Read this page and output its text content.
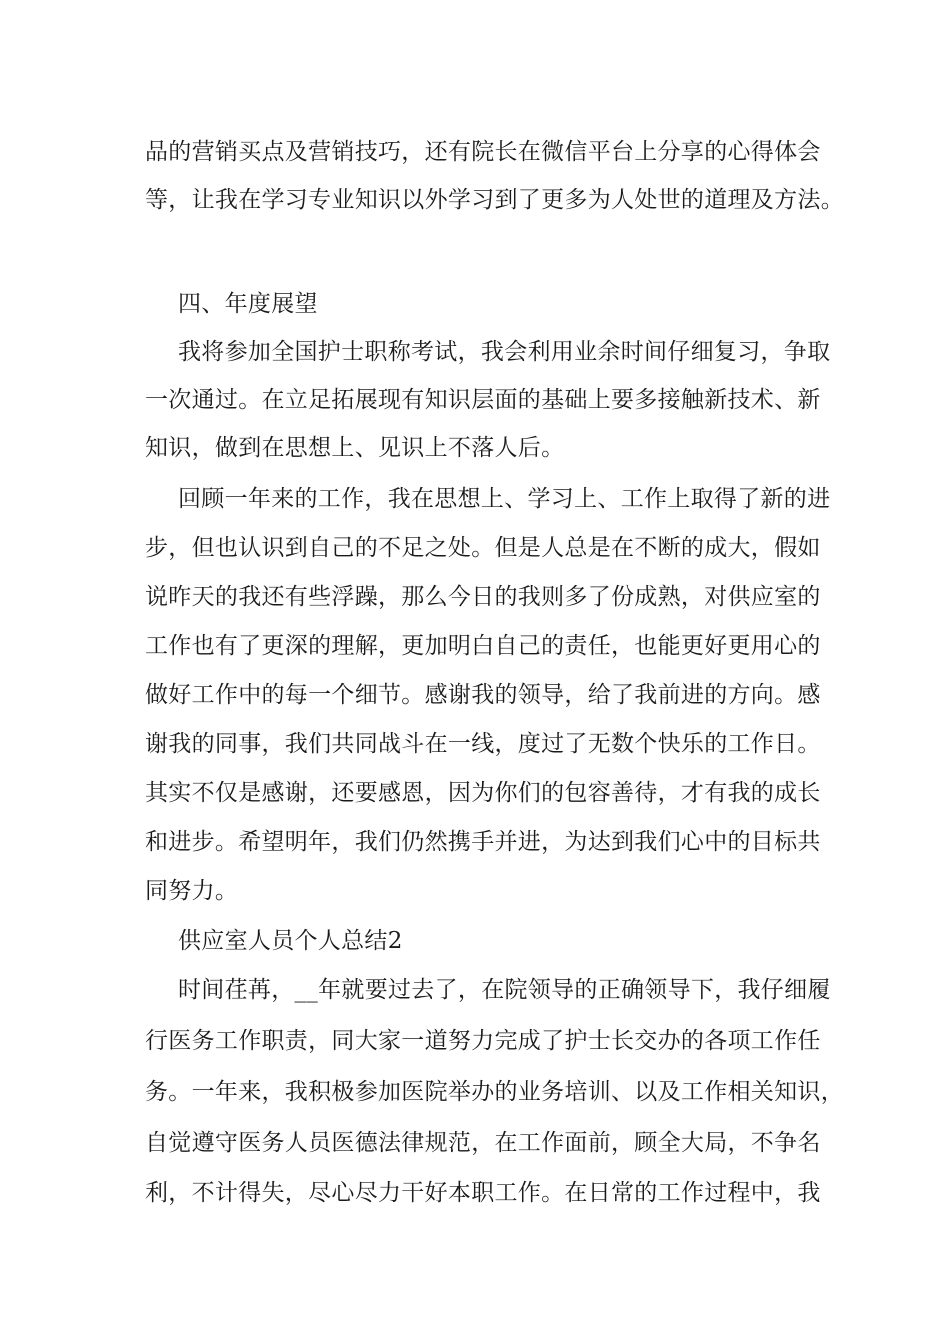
品的营销买点及营销技巧，还有院长在微信平台上分享的心得体会
等，让我在学习专业知识以外学习到了更多为人处世的道理及方法。
四、年度展望
我将参加全国护士职称考试，我会利用业余时间仔细复习，争取
一次通过。在立足拓展现有知识层面的基础上要多接触新技术、新
知识，做到在思想上、见识上不落人后。
回顾一年来的工作，我在思想上、学习上、工作上取得了新的进
步，但也认识到自己的不足之处。但是人总是在不断的成大，假如
说昨天的我还有些浮躁，那么今日的我则多了份成熟，对供应室的
工作也有了更深的理解，更加明白自己的责任，也能更好更用心的
做好工作中的每一个细节。感谢我的领导，给了我前进的方向。感
谢我的同事，我们共同战斗在一线，度过了无数个快乐的工作日。
其实不仅是感谢，还要感恩，因为你们的包容善待，才有我的成长
和进步。希望明年，我们仍然携手并进，为达到我们心中的目标共
同努力。
供应室人员个人总结2
时间荏苒，__年就要过去了，在院领导的正确领导下，我仔细履
行医务工作职责，同大家一道努力完成了护士长交办的各项工作任
务。一年来，我积极参加医院举办的业务培训、以及工作相关知识，
自觉遵守医务人员医德法律规范，在工作面前，顾全大局，不争名
利，不计得失，尽心尽力干好本职工作。在日常的工作过程中，我
